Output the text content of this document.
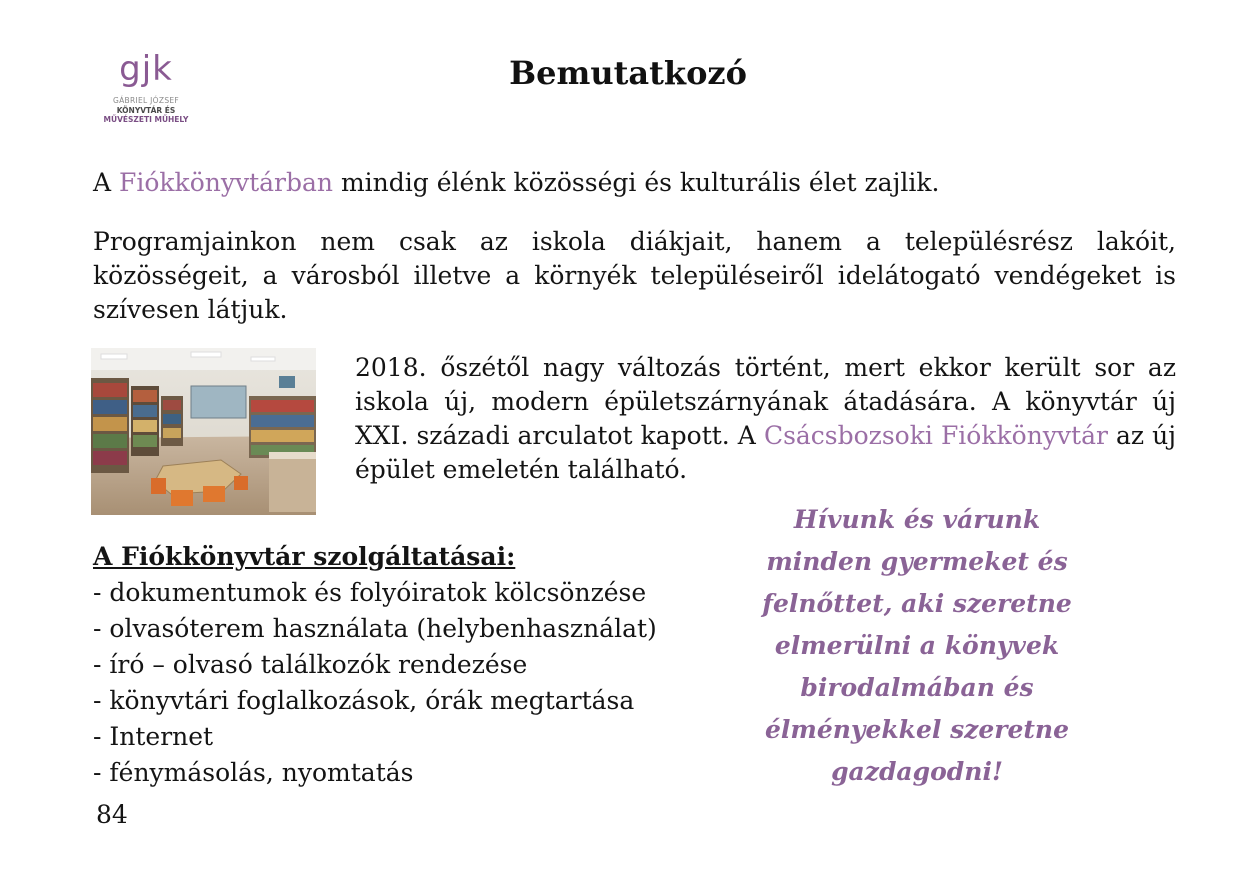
gjk
GÁBRIEL JÓZSEF
KÖNYVTÁR ÉS
MŰVÉSZETI MŰHELY
Bemutatkozó

A Fiókkönyvtárban mindig élénk közösségi és kulturális élet zajlik.

Programjainkon nem csak az iskola diákjait, hanem a településrész lakóit, közösségeit, a városból illetve a környék településeiről idelátogató vendégeket is szívesen látjuk.

2018. őszétől nagy változás történt, mert ekkor került sor az iskola új, modern épületszárnyának átadására. A könyvtár új XXI. századi arculatot kapott. A Csácsbozsoki Fiókkönyvtár az új épület emeletén található.

A Fiókkönyvtár szolgáltatásai:

- dokumentumok és folyóiratok kölcsönzése
- olvasóterem használata (helybenhasználat)
- író – olvasó találkozók rendezése
- könyvtári foglalkozások, órák megtartása
- Internet
- fénymásolás, nyomtatás
Hívunk és várunk minden gyermeket és felnőttet, aki szeretne elmerülni a könyvek birodalmában és élményekkel szeretne gazdagodni!
84
